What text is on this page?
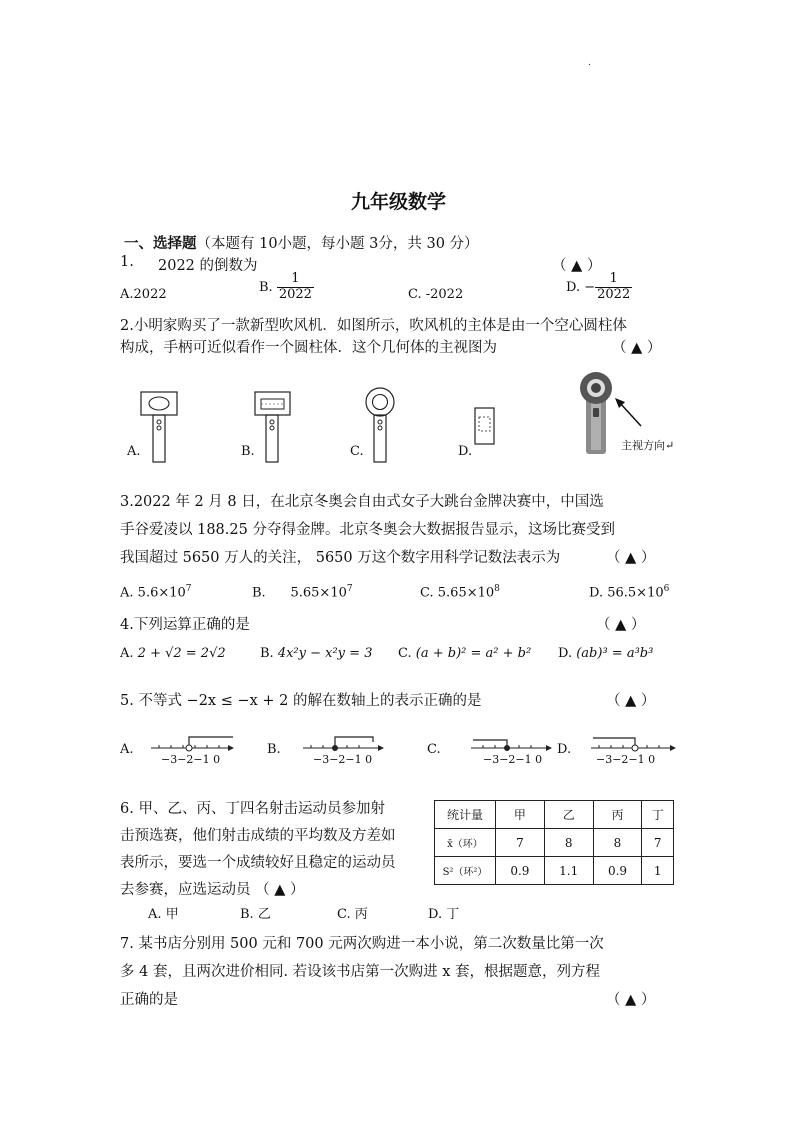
.
九年级数学
一、选择题（本题有 10小题，每小题 3分，共 30 分）
1. 2022 的倒数为	（ ▲ ）
A.2022	B. $\frac{1}{2022}$	C. -2022	D. − $\frac{1}{2022}$
2.小明家购买了一款新型吹风机．如图所示，吹风机的主体是由一个空心圆柱体
构成，手柄可近似看作一个圆柱体．这个几何体的主视图为	（ ▲ ）
A.	B.	C.	D.	主视方向↵
3.2022 年 2 月 8 日，在北京冬奥会自由式女子大跳台金牌决赛中，中国选
手谷爱凌以 188.25 分夺得金牌。北京冬奥会大数据报告显示，这场比赛受到
我国超过 5650 万人的关注， 5650 万这个数字用科学记数法表示为	（ ▲ ）
A. $5.6\times 10^7$	B. $5.65\times 10^7$	C. $5.65\times 10^8$	D. $56.5\times 10^6$
4.下列运算正确的是	（ ▲ ）
A. 2 + √2 = 2√2	B. 4x²y − x²y = 3 C. (a + b)² = a² + b² D. (ab)³ = a³b³
5. 不等式 −2x ≤ −x + 2 的解在数轴上的表示正确的是	（ ▲ ）
A.	B.	C.	D.
−3−2−1 0	−3−2−1 0	−3−2−1 0	−3−2−1 0
6. 甲、乙、丙、丁四名射击运动员参加射
击预选赛，他们射击成绩的平均数及方差如
表所示，要选一个成绩较好且稳定的运动员
去参赛，应选运动员 （ ▲ ）
A. 甲	B. 乙	C. 丙	D. 丁
统计量	甲	乙	丙	丁
x̄（环）	7	8	8	7
S²（环²）	0.9	1.1	0.9	1
7. 某书店分别用 500 元和 700 元两次购进一本小说，第二次数量比第一次
多 4 套，且两次进价相同. 若设该书店第一次购进 x 套，根据题意，列方程
正确的是	（ ▲ ）
